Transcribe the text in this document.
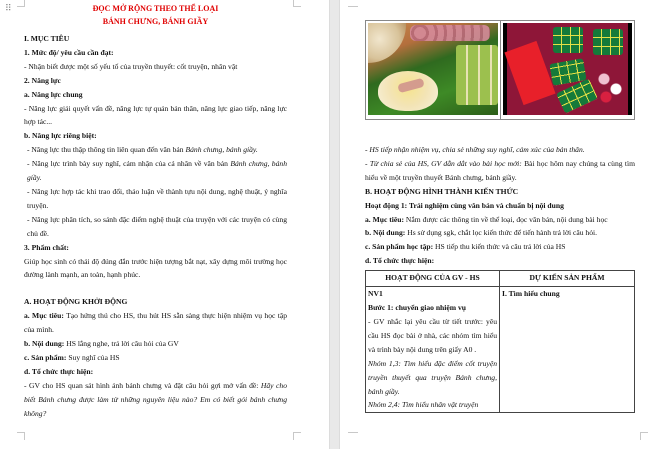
⠿	ĐỌC MỞ RỘNG THEO THỂ LOẠI
BÁNH CHƯNG, BÁNH GIẦY
I. MỤC TIÊU
1. Mức độ/ yêu cầu cần đạt:
- Nhận biết được một số yếu tố của truyền thuyết: cốt truyện, nhân vật
2. Năng lực
a. Năng lực chung
- Năng lực giải quyết vấn đề, năng lực tự quản bản thân, năng lực giao tiếp, năng lực hợp tác...
b. Năng lực riêng biệt:
- Năng lực thu thập thông tin liên quan đến văn bản Bánh chưng, bánh giầy.
- Năng lực trình bày suy nghĩ, cảm nhận của cá nhân về văn bản Bánh chưng, bánh giầy.
- Năng lực hợp tác khi trao đổi, thảo luận về thành tựu nội dung, nghệ thuật, ý nghĩa truyện.
- Năng lực phân tích, so sánh đặc điểm nghệ thuật của truyện với các truyện có cùng chủ đề.
3. Phẩm chất:
Giúp học sinh có thái độ đúng đắn trước hiện tượng bắt nạt, xây dựng môi trường học đường lành mạnh, an toàn, hạnh phúc.
A. HOẠT ĐỘNG KHỞI ĐỘNG
a. Mục tiêu: Tạo hứng thú cho HS, thu hút HS sẵn sàng thực hiện nhiệm vụ học tập của mình.
b. Nội dung: HS lắng nghe, trả lời câu hỏi của GV
c. Sản phẩm: Suy nghĩ của HS
d. Tổ chức thực hiện:
- GV cho HS quan sát hình ảnh bánh chưng và đặt câu hỏi gợi mở vấn đề: Hãy cho biết Bánh chưng được làm từ những nguyên liệu nào? Em có biết gói bánh chưng không?
- HS tiếp nhận nhiệm vụ, chia sẻ những suy nghĩ, cảm xúc của bản thân.
- Từ chia sẻ của HS, GV dẫn dắt vào bài học mới: Bài học hôm nay chúng ta cùng tìm hiểu về một truyền thuyết Bánh chưng, bánh giầy.
B. HOẠT ĐỘNG HÌNH THÀNH KIẾN THỨC
Hoạt động 1: Trải nghiệm cùng văn bản và chuẩn bị nội dung
a. Mục tiêu: Nắm được các thông tin về thể loại, đọc văn bản, nội dung bài học
b. Nội dung: Hs sử dụng sgk, chắt lọc kiến thức để tiến hành trả lời câu hỏi.
c. Sản phẩm học tập: HS tiếp thu kiến thức và câu trả lời của HS
d. Tổ chức thực hiện:
HOẠT ĐỘNG CỦA GV - HS	DỰ KIẾN SẢN PHẨM

NV1
Bước 1: chuyển giao nhiệm vụ
- GV nhắc lại yêu cầu từ tiết trước: yêu cầu HS đọc bài ở nhà, các nhóm tìm hiểu và trình bày nội dung trên giấy A0 .
Nhóm 1,3: Tìm hiểu đặc điểm cốt truyện truyền thuyết qua truyện Bánh chưng, bánh giầy.
Nhóm 2,4: Tìm hiểu nhân vật truyện	I. Tìm hiểu chung
